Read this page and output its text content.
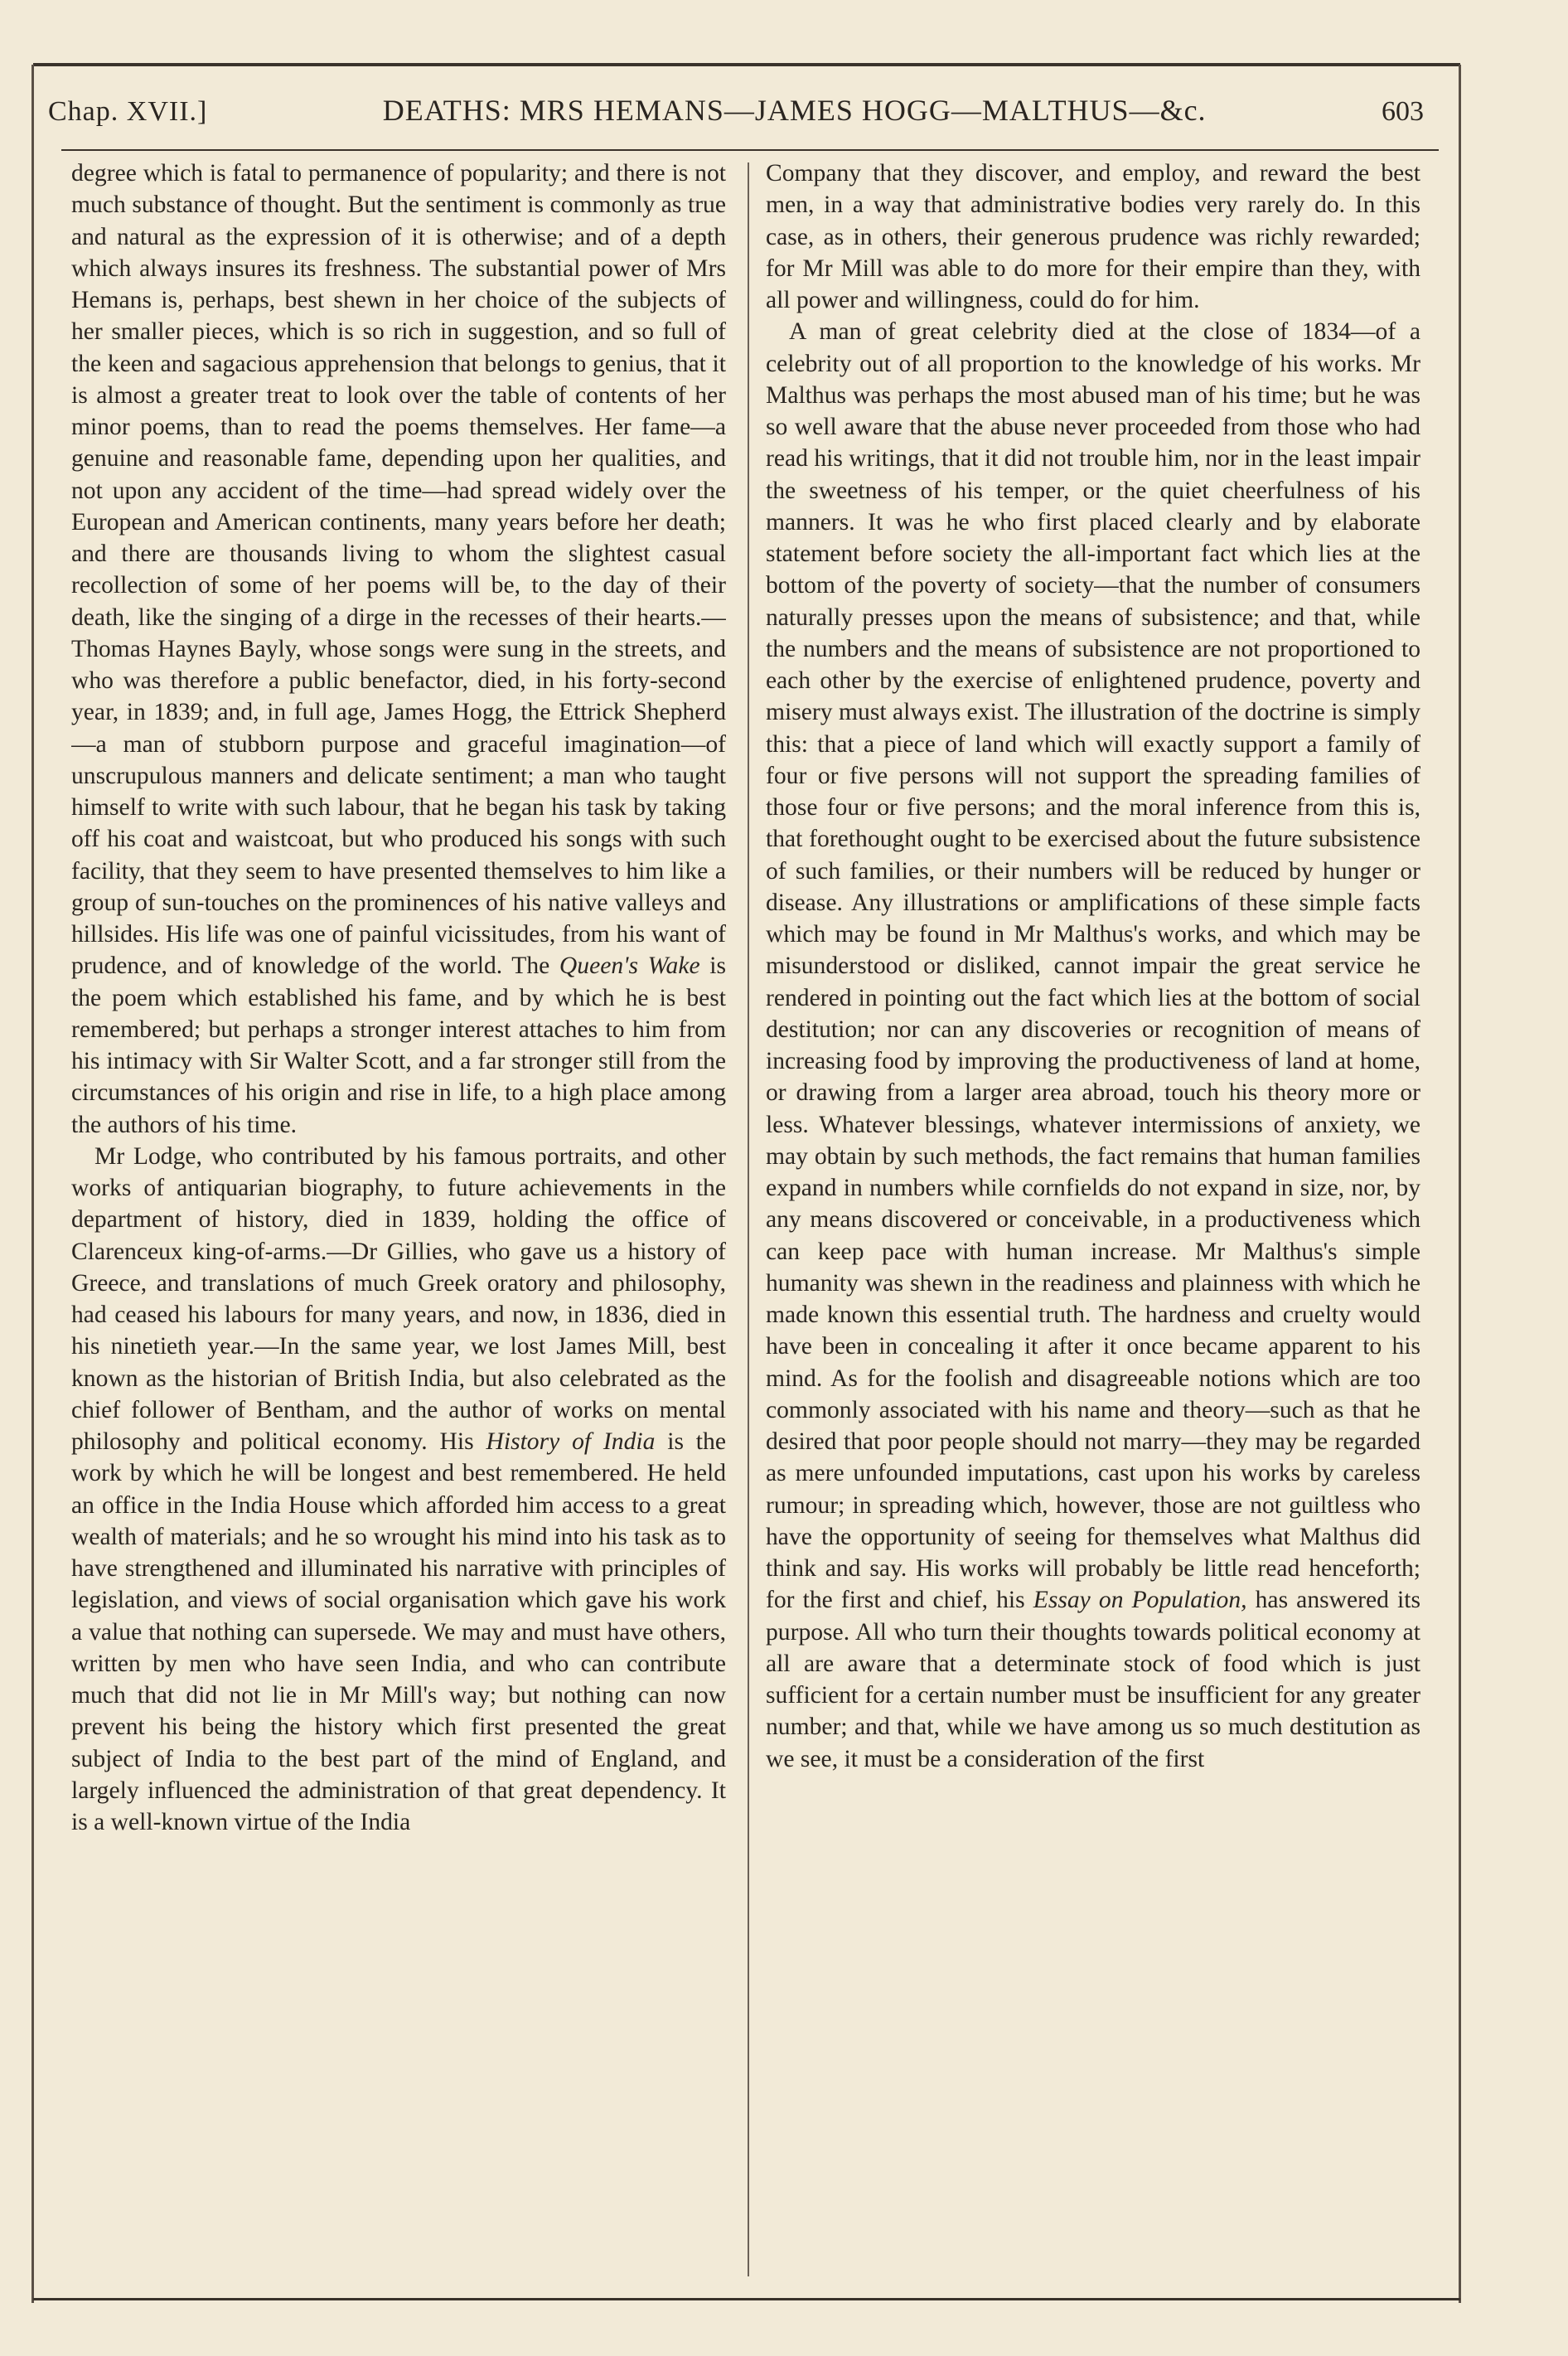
Chap. XVII.]	DEATHS: MRS HEMANS—JAMES HOGG—MALTHUS—&c.	603

degree which is fatal to permanence of popularity; and there is not much substance of thought. But the sentiment is commonly as true and natural as the expression of it is otherwise; and of a depth which always insures its freshness. The substantial power of Mrs Hemans is, perhaps, best shewn in her choice of the subjects of her smaller pieces, which is so rich in suggestion, and so full of the keen and sagacious apprehension that belongs to genius, that it is almost a greater treat to look over the table of contents of her minor poems, than to read the poems themselves. Her fame—a genuine and reasonable fame, depending upon her qualities, and not upon any accident of the time—had spread widely over the European and American continents, many years before her death; and there are thousands living to whom the slightest casual recollection of some of her poems will be, to the day of their death, like the singing of a dirge in the recesses of their hearts.—Thomas Haynes Bayly, whose songs were sung in the streets, and who was therefore a public benefactor, died, in his forty-second year, in 1839; and, in full age, James Hogg, the Ettrick Shepherd—a man of stubborn purpose and graceful imagination—of unscrupulous manners and delicate sentiment; a man who taught himself to write with such labour, that he began his task by taking off his coat and waistcoat, but who produced his songs with such facility, that they seem to have presented themselves to him like a group of sun-touches on the prominences of his native valleys and hillsides. His life was one of painful vicissitudes, from his want of prudence, and of knowledge of the world. The Queen's Wake is the poem which established his fame, and by which he is best remembered; but perhaps a stronger interest attaches to him from his intimacy with Sir Walter Scott, and a far stronger still from the circumstances of his origin and rise in life, to a high place among the authors of his time.

Mr Lodge, who contributed by his famous portraits, and other works of antiquarian biography, to future achievements in the department of history, died in 1839, holding the office of Clarenceux king-of-arms.—Dr Gillies, who gave us a history of Greece, and translations of much Greek oratory and philosophy, had ceased his labours for many years, and now, in 1836, died in his ninetieth year.—In the same year, we lost James Mill, best known as the historian of British India, but also celebrated as the chief follower of Bentham, and the author of works on mental philosophy and political economy. His History of India is the work by which he will be longest and best remembered. He held an office in the India House which afforded him access to a great wealth of materials; and he so wrought his mind into his task as to have strengthened and illuminated his narrative with principles of legislation, and views of social organisation which gave his work a value that nothing can supersede. We may and must have others, written by men who have seen India, and who can contribute much that did not lie in Mr Mill's way; but nothing can now prevent his being the history which first presented the great subject of India to the best part of the mind of England, and largely influenced the administration of that great dependency. It is a well-known virtue of the India

Company that they discover, and employ, and reward the best men, in a way that administrative bodies very rarely do. In this case, as in others, their generous prudence was richly rewarded; for Mr Mill was able to do more for their empire than they, with all power and willingness, could do for him.

A man of great celebrity died at the close of 1834—of a celebrity out of all proportion to the knowledge of his works. Mr Malthus was perhaps the most abused man of his time; but he was so well aware that the abuse never proceeded from those who had read his writings, that it did not trouble him, nor in the least impair the sweetness of his temper, or the quiet cheerfulness of his manners. It was he who first placed clearly and by elaborate statement before society the all-important fact which lies at the bottom of the poverty of society—that the number of consumers naturally presses upon the means of subsistence; and that, while the numbers and the means of subsistence are not proportioned to each other by the exercise of enlightened prudence, poverty and misery must always exist. The illustration of the doctrine is simply this: that a piece of land which will exactly support a family of four or five persons will not support the spreading families of those four or five persons; and the moral inference from this is, that forethought ought to be exercised about the future subsistence of such families, or their numbers will be reduced by hunger or disease. Any illustrations or amplifications of these simple facts which may be found in Mr Malthus's works, and which may be misunderstood or disliked, cannot impair the great service he rendered in pointing out the fact which lies at the bottom of social destitution; nor can any discoveries or recognition of means of increasing food by improving the productiveness of land at home, or drawing from a larger area abroad, touch his theory more or less. Whatever blessings, whatever intermissions of anxiety, we may obtain by such methods, the fact remains that human families expand in numbers while cornfields do not expand in size, nor, by any means discovered or conceivable, in a productiveness which can keep pace with human increase. Mr Malthus's simple humanity was shewn in the readiness and plainness with which he made known this essential truth. The hardness and cruelty would have been in concealing it after it once became apparent to his mind. As for the foolish and disagreeable notions which are too commonly associated with his name and theory—such as that he desired that poor people should not marry—they may be regarded as mere unfounded imputations, cast upon his works by careless rumour; in spreading which, however, those are not guiltless who have the opportunity of seeing for themselves what Malthus did think and say. His works will probably be little read henceforth; for the first and chief, his Essay on Population, has answered its purpose. All who turn their thoughts towards political economy at all are aware that a determinate stock of food which is just sufficient for a certain number must be insufficient for any greater number; and that, while we have among us so much destitution as we see, it must be a consideration of the first
